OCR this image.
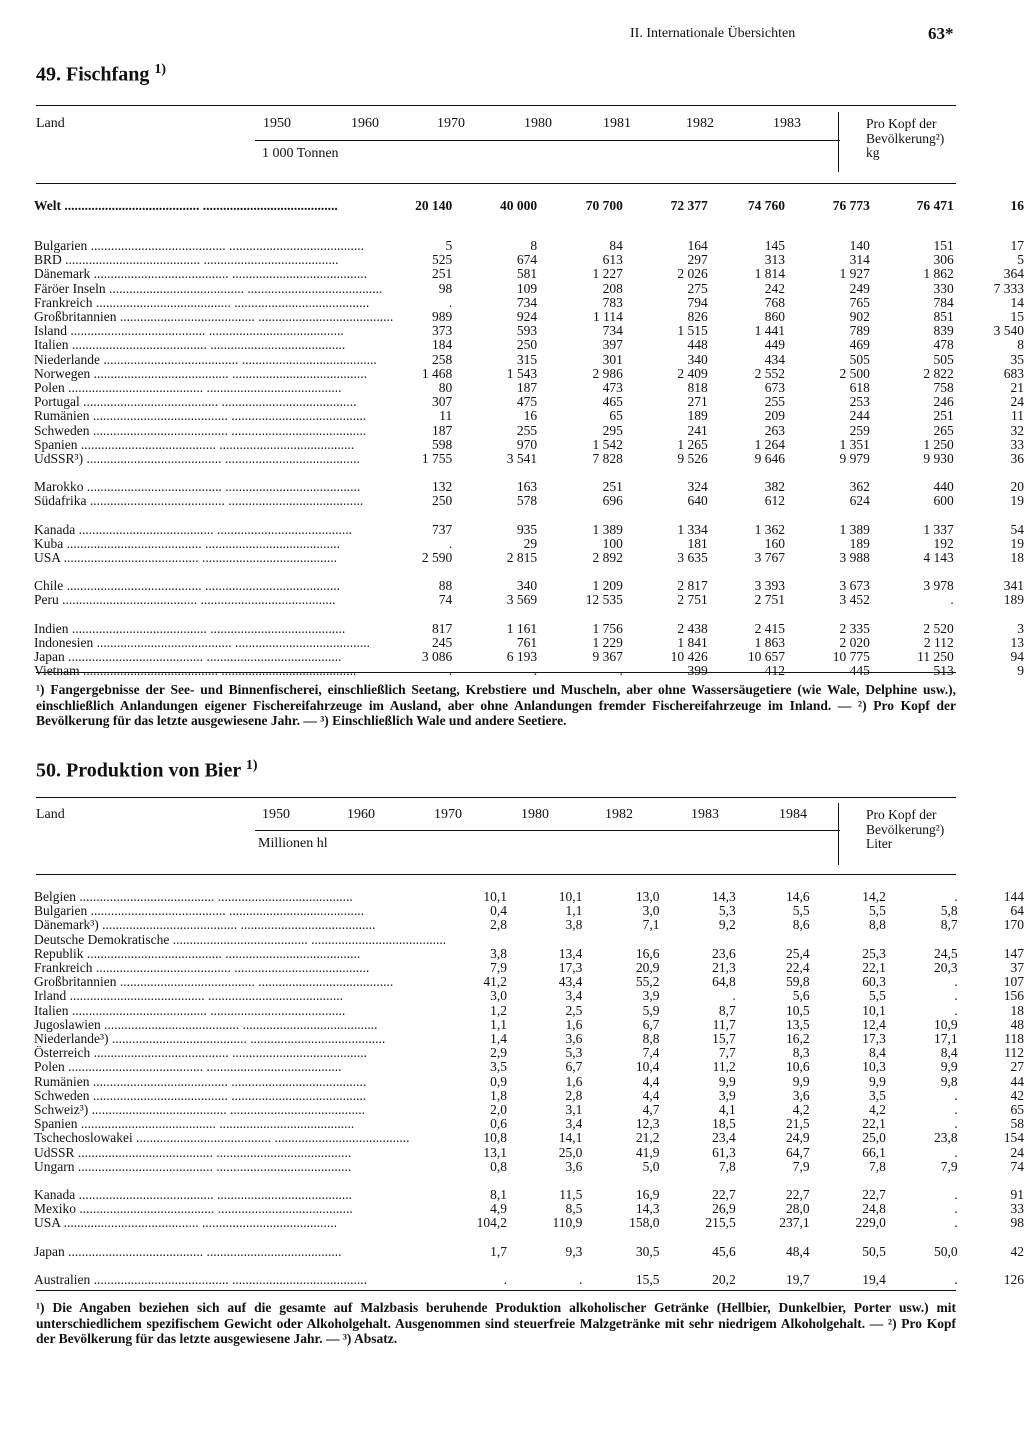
II. Internationale Übersichten	63*
49. Fischfang $^{1)}$
Land	1950	1960	1970	1980	1981	1982	1983
1 000 Tonnen
Pro Kopf der Bevölkerung²) kg
Welt ........................................ ........................................	20 140	40 000	70 700	72 377	74 760	76 773	76 471	16

Bulgarien ........................................ ........................................	5	8	84	164	145	140	151	17
BRD ........................................ ........................................	525	674	613	297	313	314	306	5
Dänemark ........................................ ........................................	251	581	1 227	2 026	1 814	1 927	1 862	364
Färöer Inseln ........................................ ........................................	98	109	208	275	242	249	330	7 333
Frankreich ........................................ ........................................	.	734	783	794	768	765	784	14
Großbritannien ........................................ ........................................	989	924	1 114	826	860	902	851	15
Island ........................................ ........................................	373	593	734	1 515	1 441	789	839	3 540
Italien ........................................ ........................................	184	250	397	448	449	469	478	8
Niederlande ........................................ ........................................	258	315	301	340	434	505	505	35
Norwegen ........................................ ........................................	1 468	1 543	2 986	2 409	2 552	2 500	2 822	683
Polen ........................................ ........................................	80	187	473	818	673	618	758	21
Portugal ........................................ ........................................	307	475	465	271	255	253	246	24
Rumänien ........................................ ........................................	11	16	65	189	209	244	251	11
Schweden ........................................ ........................................	187	255	295	241	263	259	265	32
Spanien ........................................ ........................................	598	970	1 542	1 265	1 264	1 351	1 250	33
UdSSR³) ........................................ ........................................	1 755	3 541	7 828	9 526	9 646	9 979	9 930	36

Marokko ........................................ ........................................	132	163	251	324	382	362	440	20
Südafrika ........................................ ........................................	250	578	696	640	612	624	600	19

Kanada ........................................ ........................................	737	935	1 389	1 334	1 362	1 389	1 337	54
Kuba ........................................ ........................................	.	29	100	181	160	189	192	19
USA ........................................ ........................................	2 590	2 815	2 892	3 635	3 767	3 988	4 143	18

Chile ........................................ ........................................	88	340	1 209	2 817	3 393	3 673	3 978	341
Peru ........................................ ........................................	74	3 569	12 535	2 751	2 751	3 452	.	189

Indien ........................................ ........................................	817	1 161	1 756	2 438	2 415	2 335	2 520	3
Indonesien ........................................ ........................................	245	761	1 229	1 841	1 863	2 020	2 112	13
Japan ........................................ ........................................	3 086	6 193	9 367	10 426	10 657	10 775	11 250	94
Vietnam ........................................ ........................................	.	.	.	399	412	445	513	9
¹) Fangergebnisse der See- und Binnenfischerei, einschließlich Seetang, Krebstiere und Muscheln, aber ohne Wassersäugetiere (wie Wale, Delphine usw.), einschließlich Anlandungen eigener Fischereifahrzeuge im Ausland, aber ohne Anlandungen fremder Fischereifahrzeuge im Inland. — ²) Pro Kopf der Bevölkerung für das letzte ausgewiesene Jahr. — ³) Einschließlich Wale und andere Seetiere.
50. Produktion von Bier $^{1)}$
Land	1950	1960	1970	1980	1982	1983	1984
Millionen hl
Pro Kopf der Bevölkerung²) Liter
Belgien ........................................ ........................................	10,1	10,1	13,0	14,3	14,6	14,2	.	144
Bulgarien ........................................ ........................................	0,4	1,1	3,0	5,3	5,5	5,5	5,8	64
Dänemark³) ........................................ ........................................	2,8	3,8	7,1	9,2	8,6	8,8	8,7	170
Deutsche Demokratische ........................................ ........................................								
Republik ........................................ ........................................	3,8	13,4	16,6	23,6	25,4	25,3	24,5	147
Frankreich ........................................ ........................................	7,9	17,3	20,9	21,3	22,4	22,1	20,3	37
Großbritannien ........................................ ........................................	41,2	43,4	55,2	64,8	59,8	60,3	.	107
Irland ........................................ ........................................	3,0	3,4	3,9	.	5,6	5,5	.	156
Italien ........................................ ........................................	1,2	2,5	5,9	8,7	10,5	10,1	.	18
Jugoslawien ........................................ ........................................	1,1	1,6	6,7	11,7	13,5	12,4	10,9	48
Niederlande³) ........................................ ........................................	1,4	3,6	8,8	15,7	16,2	17,3	17,1	118
Österreich ........................................ ........................................	2,9	5,3	7,4	7,7	8,3	8,4	8,4	112
Polen ........................................ ........................................	3,5	6,7	10,4	11,2	10,6	10,3	9,9	27
Rumänien ........................................ ........................................	0,9	1,6	4,4	9,9	9,9	9,9	9,8	44
Schweden ........................................ ........................................	1,8	2,8	4,4	3,9	3,6	3,5	.	42
Schweiz³) ........................................ ........................................	2,0	3,1	4,7	4,1	4,2	4,2	.	65
Spanien ........................................ ........................................	0,6	3,4	12,3	18,5	21,5	22,1	.	58
Tschechoslowakei ........................................ ........................................	10,8	14,1	21,2	23,4	24,9	25,0	23,8	154
UdSSR ........................................ ........................................	13,1	25,0	41,9	61,3	64,7	66,1	.	24
Ungarn ........................................ ........................................	0,8	3,6	5,0	7,8	7,9	7,8	7,9	74

Kanada ........................................ ........................................	8,1	11,5	16,9	22,7	22,7	22,7	.	91
Mexiko ........................................ ........................................	4,9	8,5	14,3	26,9	28,0	24,8	.	33
USA ........................................ ........................................	104,2	110,9	158,0	215,5	237,1	229,0	.	98

Japan ........................................ ........................................	1,7	9,3	30,5	45,6	48,4	50,5	50,0	42

Australien ........................................ ........................................	.	.	15,5	20,2	19,7	19,4	.	126
¹) Die Angaben beziehen sich auf die gesamte auf Malzbasis beruhende Produktion alkoholischer Getränke (Hellbier, Dunkelbier, Porter usw.) mit unterschiedlichem spezifischem Gewicht oder Alkoholgehalt. Ausgenommen sind steuerfreie Malzgetränke mit sehr niedrigem Alkoholgehalt. — ²) Pro Kopf der Bevölkerung für das letzte ausgewiesene Jahr. — ³) Absatz.
